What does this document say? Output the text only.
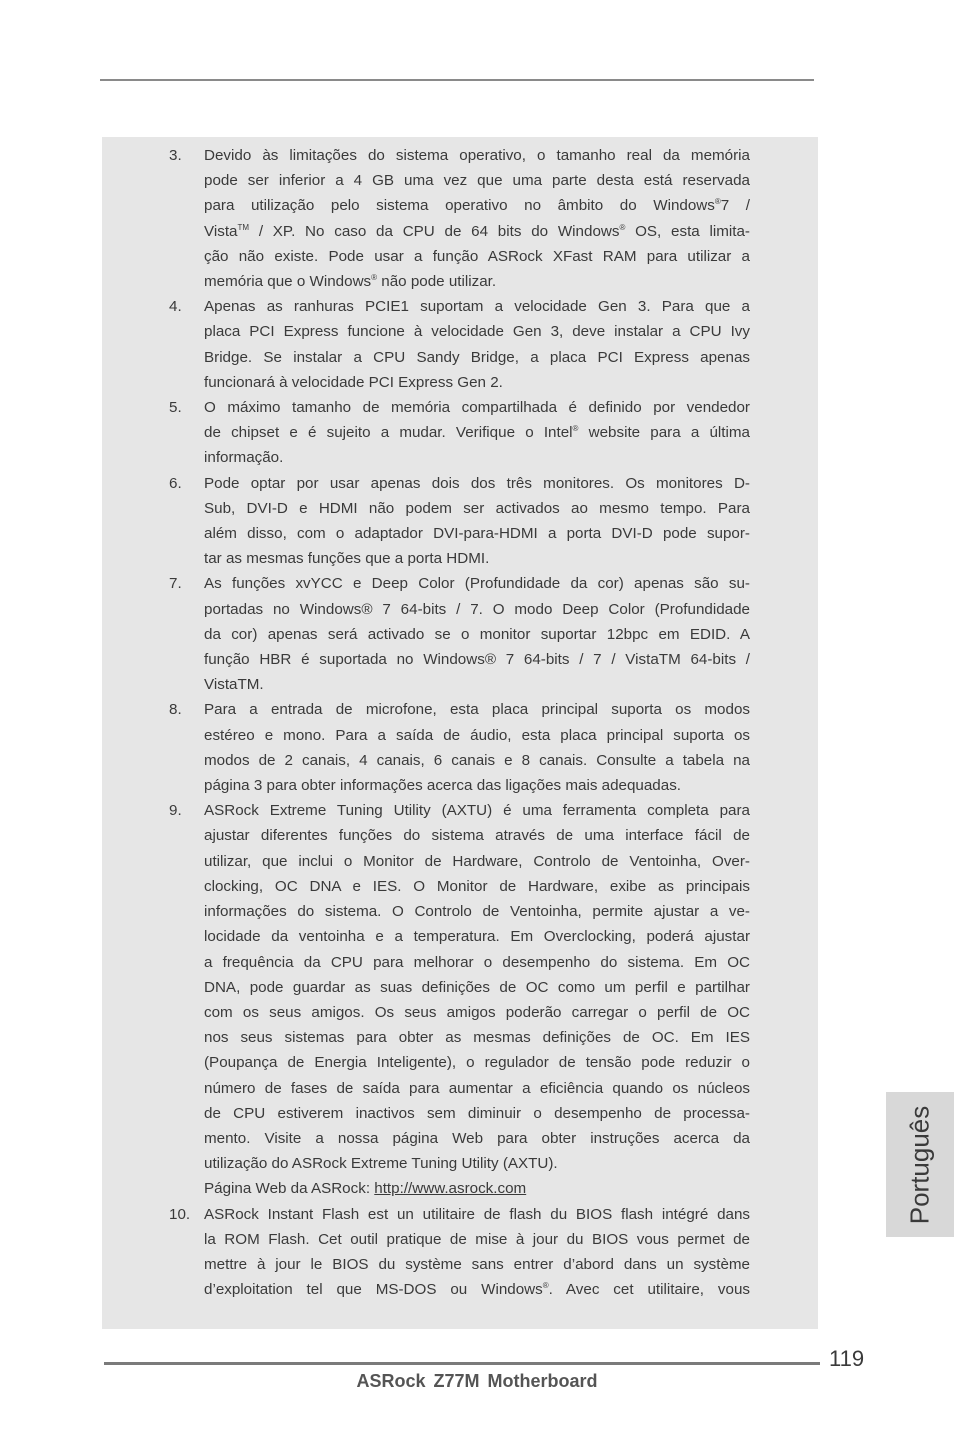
3. Devido às limitações do sistema operativo, o tamanho real da memória
pode ser inferior a 4 GB uma vez que uma parte desta está reservada
para utilização pelo sistema operativo no âmbito do Windows®7 /
Vista™ / XP. No caso da CPU de 64 bits do Windows® OS, esta limita-
ção não existe. Pode usar a função ASRock XFast RAM para utilizar a
memória que o Windows® não pode utilizar.
4. Apenas as ranhuras PCIE1 suportam a velocidade Gen 3. Para que a
placa PCI Express funcione à velocidade Gen 3, deve instalar a CPU Ivy
Bridge. Se instalar a CPU Sandy Bridge, a placa PCI Express apenas
funcionará à velocidade PCI Express Gen 2.
5. O máximo tamanho de memória compartilhada é definido por vendedor
de chipset e é sujeito a mudar. Verifique o Intel® website para a última
informação.
6. Pode optar por usar apenas dois dos três monitores. Os monitores D-
Sub, DVI-D e HDMI não podem ser activados ao mesmo tempo. Para
além disso, com o adaptador DVI-para-HDMI a porta DVI-D pode supor-
tar as mesmas funções que a porta HDMI.
7. As funções xvYCC e Deep Color (Profundidade da cor) apenas são su-
portadas no Windows® 7 64-bits / 7. O modo Deep Color (Profundidade
da cor) apenas será activado se o monitor suportar 12bpc em EDID. A
função HBR é suportada no Windows® 7 64-bits / 7 / VistaTM 64-bits /
VistaTM.
8. Para a entrada de microfone, esta placa principal suporta os modos
estéreo e mono. Para a saída de áudio, esta placa principal suporta os
modos de 2 canais, 4 canais, 6 canais e 8 canais. Consulte a tabela na
página 3 para obter informações acerca das ligações mais adequadas.
9. ASRock Extreme Tuning Utility (AXTU) é uma ferramenta completa para
ajustar diferentes funções do sistema através de uma interface fácil de
utilizar, que inclui o Monitor de Hardware, Controlo de Ventoinha, Over-
clocking, OC DNA e IES. O Monitor de Hardware, exibe as principais
informações do sistema. O Controlo de Ventoinha, permite ajustar a ve-
locidade da ventoinha e a temperatura. Em Overclocking, poderá ajustar
a frequência da CPU para melhorar o desempenho do sistema. Em OC
DNA, pode guardar as suas definições de OC como um perfil e partilhar
com os seus amigos. Os seus amigos poderão carregar o perfil de OC
nos seus sistemas para obter as mesmas definições de OC. Em IES
(Poupança de Energia Inteligente), o regulador de tensão pode reduzir o
número de fases de saída para aumentar a eficiência quando os núcleos
de CPU estiverem inactivos sem diminuir o desempenho de processa-
mento. Visite a nossa página Web para obter instruções acerca da
utilização do ASRock Extreme Tuning Utility (AXTU).
Página Web da ASRock: http://www.asrock.com
10. ASRock Instant Flash est un utilitaire de flash du BIOS flash intégré dans
la ROM Flash. Cet outil pratique de mise à jour du BIOS vous permet de
mettre à jour le BIOS du système sans entrer d’abord dans un système
d’exploitation tel que MS-DOS ou Windows®. Avec cet utilitaire, vous
Português
119
ASRock Z77M Motherboard
